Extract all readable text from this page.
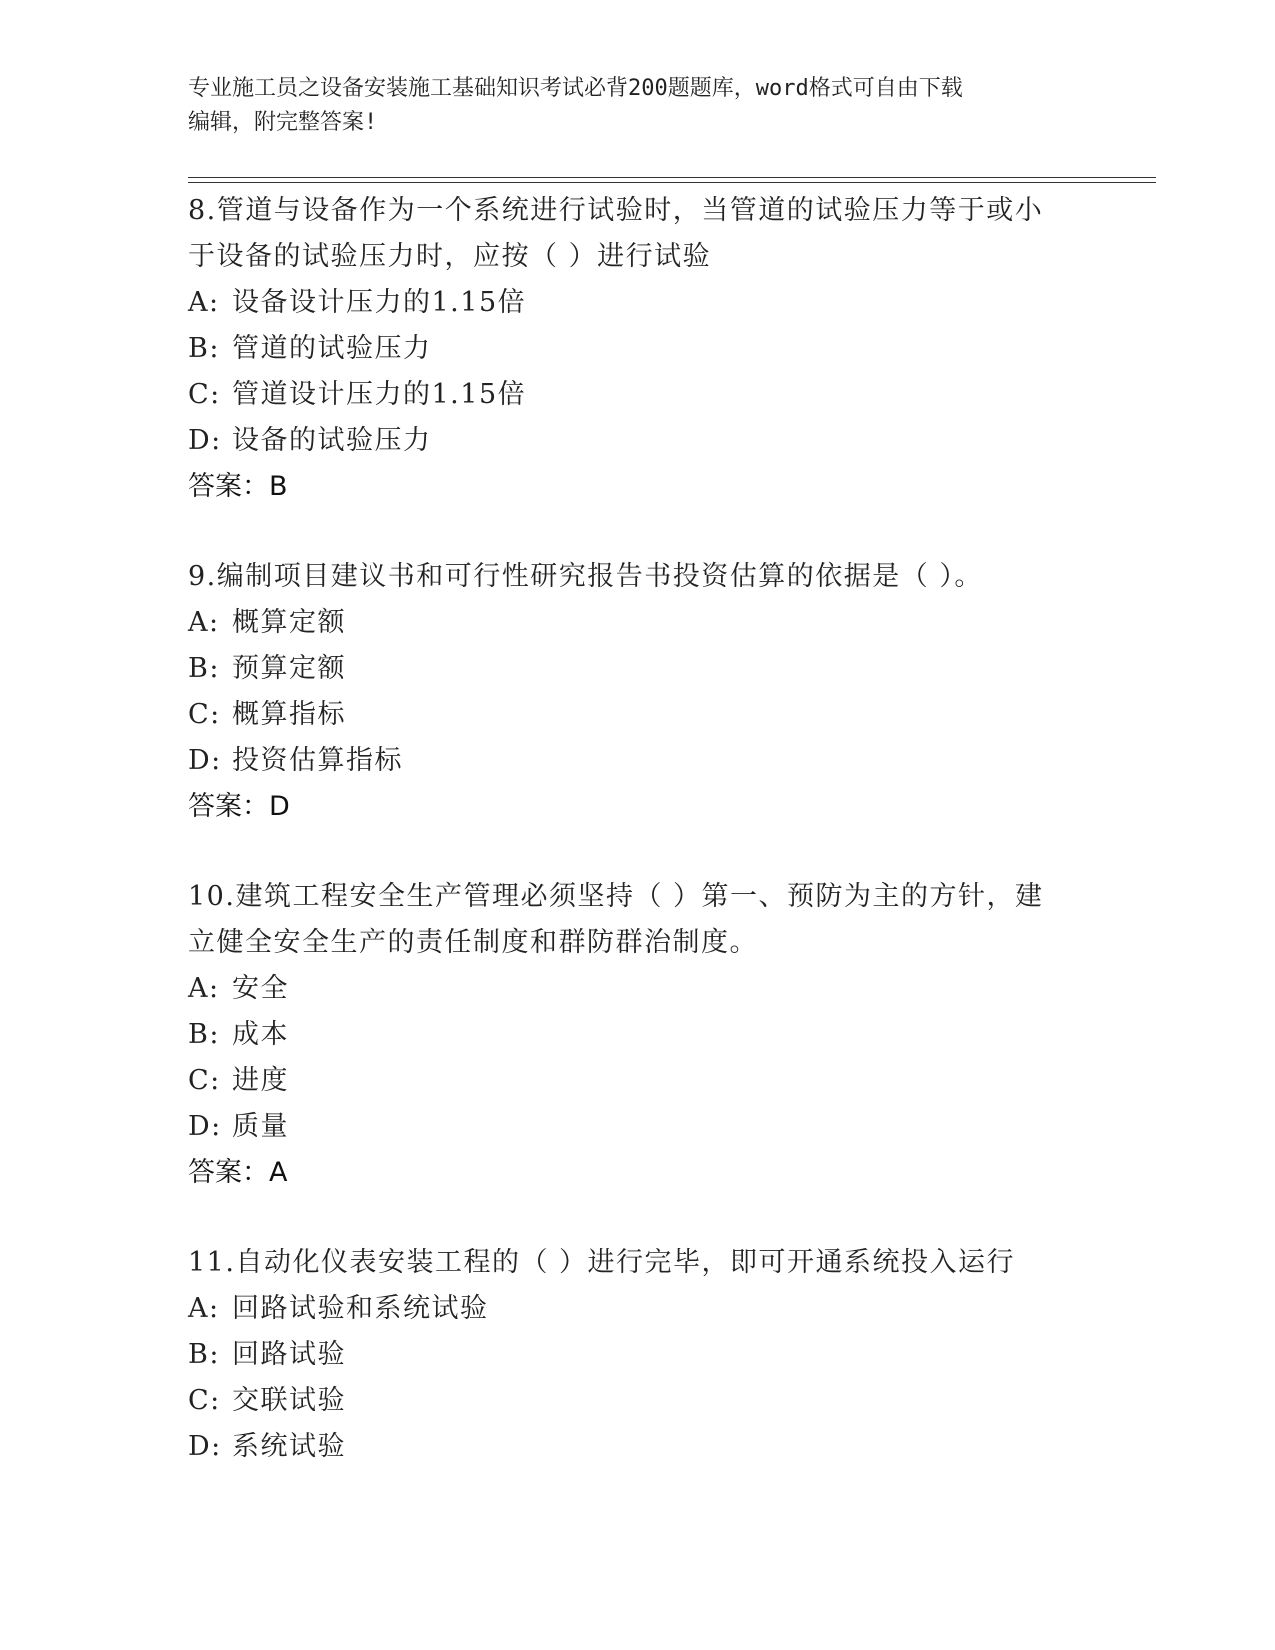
专业施工员之设备安装施工基础知识考试必背200题题库，word格式可自由下载
编辑，附完整答案!

8.管道与设备作为一个系统进行试验时，当管道的试验压力等于或小

于设备的试验压力时，应按（ ）进行试验

A: 设备设计压力的1.15倍
B: 管道的试验压力
C: 管道设计压力的1.15倍
D: 设备的试验压力

答案：B

9.编制项目建议书和可行性研究报告书投资估算的依据是（ ）。

A: 概算定额
B: 预算定额
C: 概算指标
D: 投资估算指标

答案：D

10.建筑工程安全生产管理必须坚持（ ）第一、预防为主的方针，建

立健全安全生产的责任制度和群防群治制度。

A: 安全
B: 成本
C: 进度
D: 质量

答案：A

11.自动化仪表安装工程的（ ）进行完毕，即可开通系统投入运行

A: 回路试验和系统试验
B: 回路试验
C: 交联试验
D: 系统试验
